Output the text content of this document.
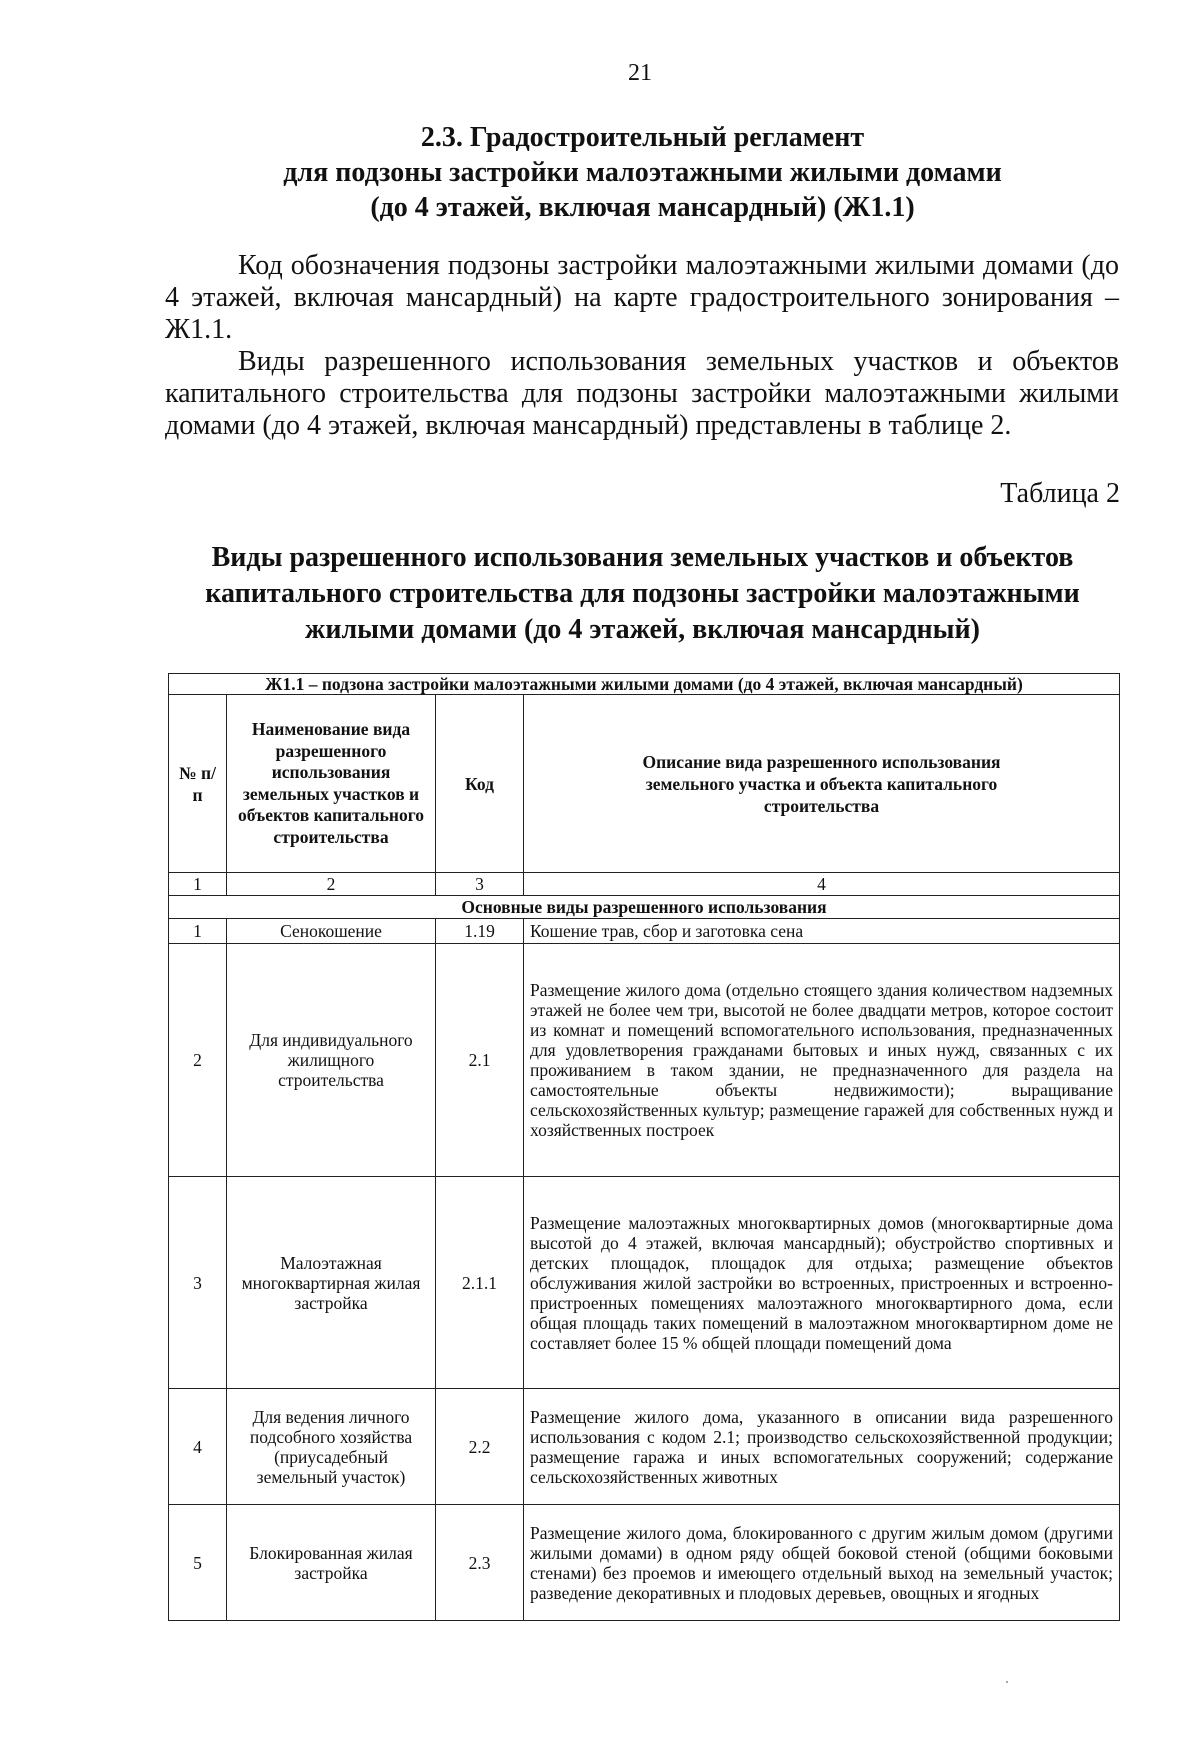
21
2.3. Градостроительный регламент
для подзоны застройки малоэтажными жилыми домами
(до 4 этажей, включая мансардный) (Ж1.1)

Код обозначения подзоны застройки малоэтажными жилыми домами (до 4 этажей, включая мансардный) на карте градостроительного зонирования – Ж1.1.

Виды разрешенного использования земельных участков и объектов капитального строительства для подзоны застройки малоэтажными жилыми домами (до 4 этажей, включая мансардный) представлены в таблице 2.

Таблица 2
Виды разрешенного использования земельных участков и объектов
капитального строительства для подзоны застройки малоэтажными
жилыми домами (до 4 этажей, включая мансардный)
Ж1.1 – подзона застройки малоэтажными жилыми домами (до 4 этажей, включая мансардный)			
№ п/п	Наименование вида разрешенного использования земельных участков и объектов капитального строительства	Код	Описание вида разрешенного использования земельного участка и объекта капитального строительства
1	2	3	4
Основные виды разрешенного использования			
1	Сенокошение	1.19	Кошение трав, сбор и заготовка сена
2	Для индивидуального жилищного строительства	2.1	Размещение жилого дома (отдельно стоящего здания количеством надземных этажей не более чем три, высотой не более двадцати метров, которое состоит из комнат и помещений вспомогательного использования, предназначенных для удовлетворения гражданами бытовых и иных нужд, связанных с их проживанием в таком здании, не предназначенного для раздела на самостоятельные объекты недвижимости); выращивание сельскохозяйственных культур; размещение гаражей для собственных нужд и хозяйственных построек
3	Малоэтажная многоквартирная жилая застройка	2.1.1	Размещение малоэтажных многоквартирных домов (многоквартирные дома высотой до 4 этажей, включая мансардный); обустройство спортивных и детских площадок, площадок для отдыха; размещение объектов обслуживания жилой застройки во встроенных, пристроенных и встроенно-пристроенных помещениях малоэтажного многоквартирного дома, если общая площадь таких помещений в малоэтажном многоквартирном доме не составляет более 15 % общей площади помещений дома
4	Для ведения личного подсобного хозяйства (приусадебный земельный участок)	2.2	Размещение жилого дома, указанного в описании вида разрешенного использования с кодом 2.1; производство сельскохозяйственной продукции; размещение гаража и иных вспомогательных сооружений; содержание сельскохозяйственных животных
5	Блокированная жилая застройка	2.3	Размещение жилого дома, блокированного с другим жилым домом (другими жилыми домами) в одном ряду общей боковой стеной (общими боковыми стенами) без проемов и имеющего отдельный выход на земельный участок; разведение декоративных и плодовых деревьев, овощных и ягодных
